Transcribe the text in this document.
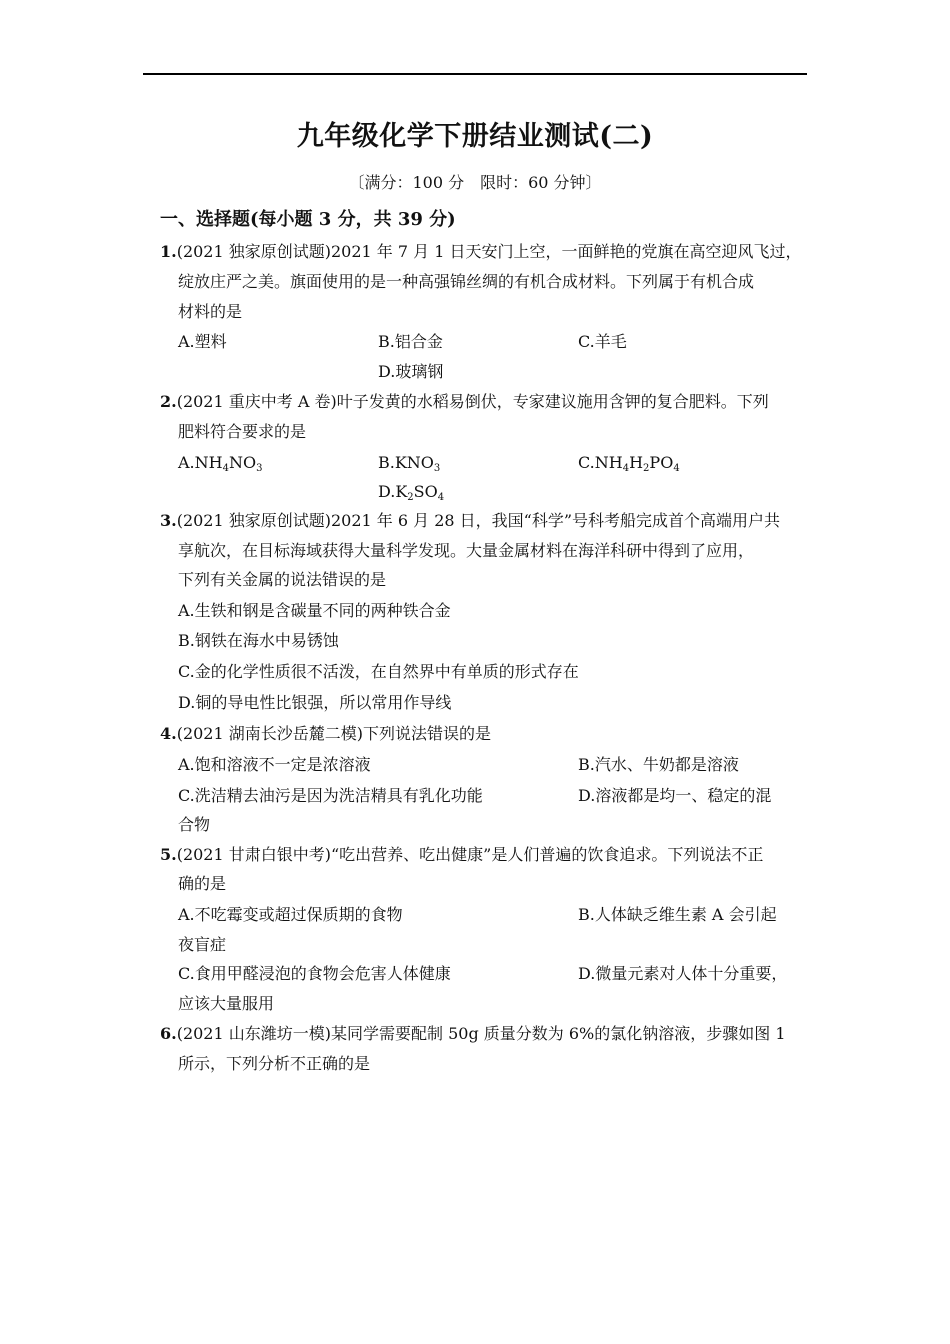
九年级化学下册结业测试(二)
〔满分：100 分　限时：60 分钟〕
一、选择题(每小题 3 分，共 39 分)
1.(2021 独家原创试题)2021 年 7 月 1 日天安门上空，一面鲜艳的党旗在高空迎风飞过，
绽放庄严之美。旗面使用的是一种高强锦丝绸的有机合成材料。下列属于有机合成
材料的是
A.塑料	B.铝合金	C.羊毛
D.玻璃钢
2.(2021 重庆中考 A 卷)叶子发黄的水稻易倒伏，专家建议施用含钾的复合肥料。下列
肥料符合要求的是
$A.NH_4NO_3$	$B.KNO_3$	$C.NH_4H_2PO_4$
$D.K_2SO_4$
3.(2021 独家原创试题)2021 年 6 月 28 日，我国“科学”号科考船完成首个高端用户共
享航次，在目标海域获得大量科学发现。大量金属材料在海洋科研中得到了应用，
下列有关金属的说法错误的是
A.生铁和钢是含碳量不同的两种铁合金
B.钢铁在海水中易锈蚀
C.金的化学性质很不活泼，在自然界中有单质的形式存在
D.铜的导电性比银强，所以常用作导线
4.(2021 湖南长沙岳麓二模)下列说法错误的是
A.饱和溶液不一定是浓溶液	B.汽水、牛奶都是溶液
C.洗洁精去油污是因为洗洁精具有乳化功能	D.溶液都是均一、稳定的混
合物
5.(2021 甘肃白银中考)“吃出营养、吃出健康”是人们普遍的饮食追求。下列说法不正
确的是
A.不吃霉变或超过保质期的食物	B.人体缺乏维生素 A 会引起
夜盲症
C.食用甲醛浸泡的食物会危害人体健康	D.微量元素对人体十分重要，
应该大量服用
6.(2021 山东潍坊一模)某同学需要配制 50g 质量分数为 6%的氯化钠溶液，步骤如图 1
所示，下列分析不正确的是
